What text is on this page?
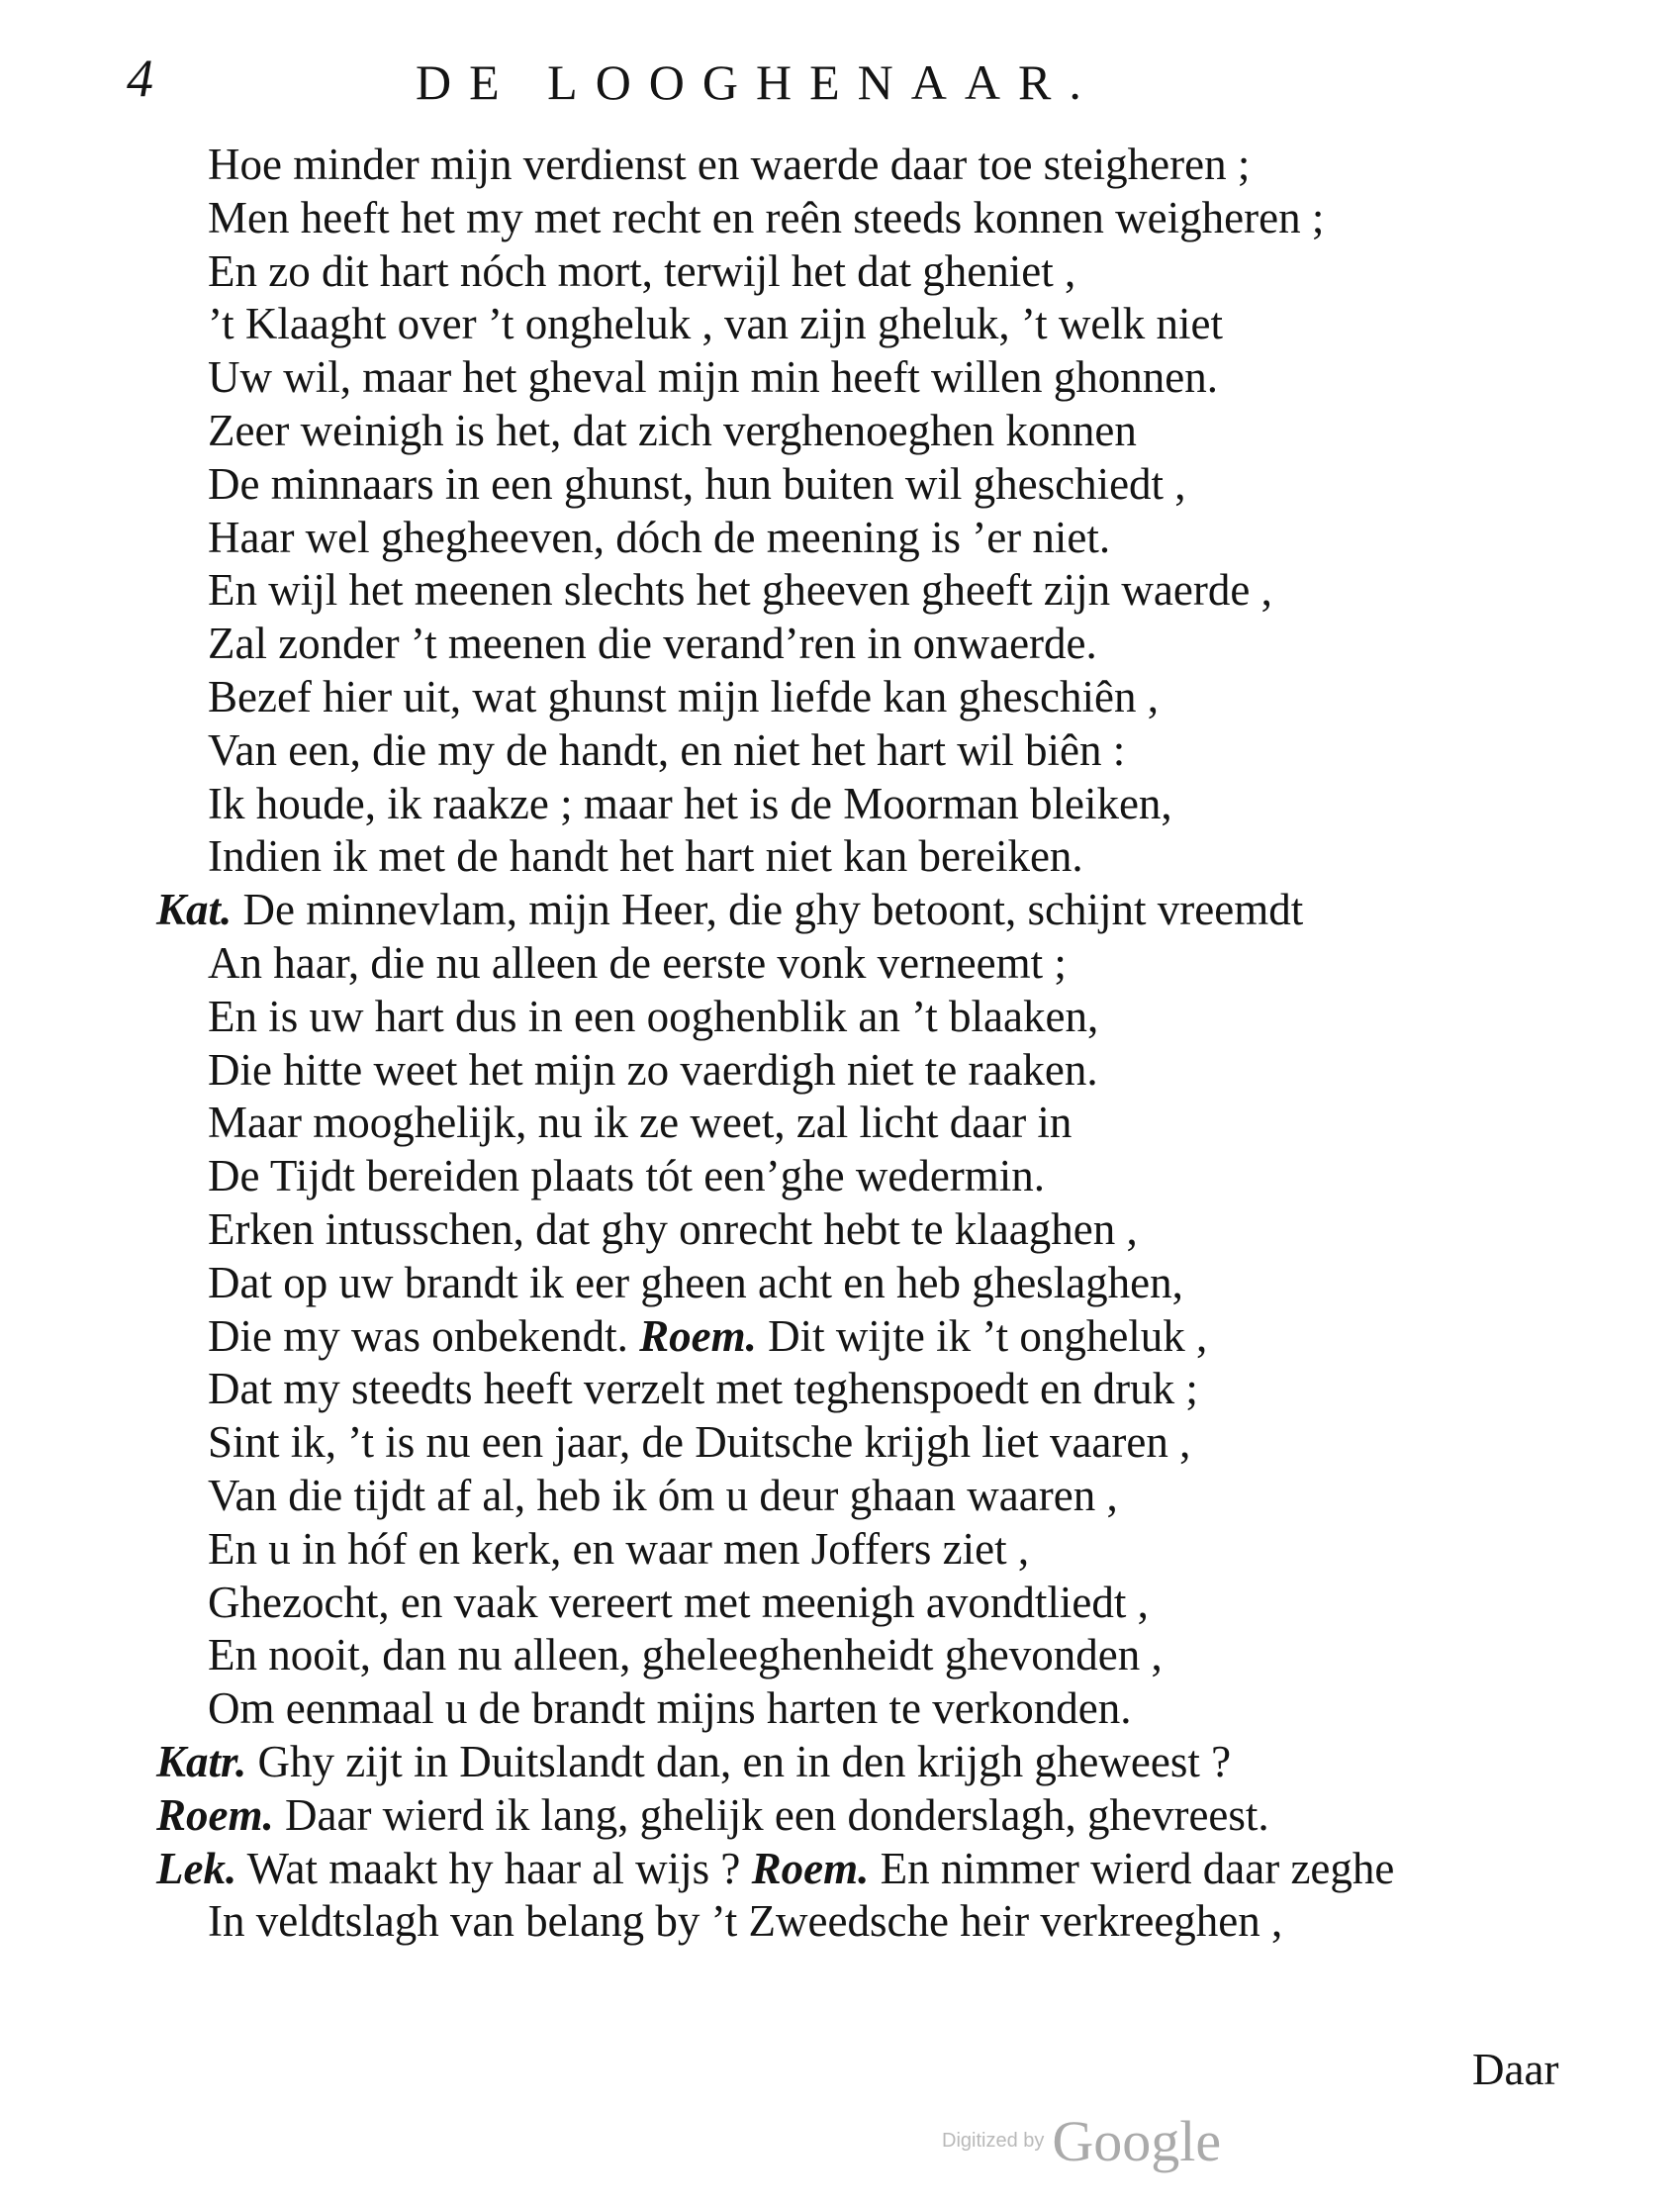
4	DE LOOGHENAAR.
Hoe minder mijn verdienst en waerde daar toe steigheren ;
Men heeft het my met recht en reên steeds konnen weigheren ;
En zo dit hart nóch mort, terwijl het dat gheniet ,
’t Klaaght over ’t ongheluk , van zijn gheluk, ’t welk niet
Uw wil, maar het gheval mijn min heeft willen ghonnen.
Zeer weinigh is het, dat zich verghenoeghen konnen
De minnaars in een ghunst, hun buiten wil gheschiedt ,
Haar wel ghegheeven, dóch de meening is ’er niet.
En wijl het meenen slechts het gheeven gheeft zijn waerde ,
Zal zonder ’t meenen die verand’ren in onwaerde.
Bezef hier uit, wat ghunst mijn liefde kan gheschiên ,
Van een, die my de handt, en niet het hart wil biên :
Ik houde, ik raakze ; maar het is de Moorman bleiken,
Indien ik met de handt het hart niet kan bereiken.
Kat. De minnevlam, mijn Heer, die ghy betoont, schijnt vreemdt
An haar, die nu alleen de eerste vonk verneemt ;
En is uw hart dus in een ooghenblik an ’t blaaken,
Die hitte weet het mijn zo vaerdigh niet te raaken.
Maar mooghelijk, nu ik ze weet, zal licht daar in
De Tijdt bereiden plaats tót een’ghe wedermin.
Erken intusschen, dat ghy onrecht hebt te klaaghen ,
Dat op uw brandt ik eer gheen acht en heb gheslaghen,
Die my was onbekendt. Roem. Dit wijte ik ’t ongheluk ,
Dat my steedts heeft verzelt met teghenspoedt en druk ;
Sint ik, ’t is nu een jaar, de Duitsche krijgh liet vaaren ,
Van die tijdt af al, heb ik óm u deur ghaan waaren ,
En u in hóf en kerk, en waar men Joffers ziet ,
Ghezocht, en vaak vereert met meenigh avondtliedt ,
En nooit, dan nu alleen, gheleeghenheidt ghevonden ,
Om eenmaal u de brandt mijns harten te verkonden.
Katr. Ghy zijt in Duitslandt dan, en in den krijgh gheweest ?
Roem. Daar wierd ik lang, ghelijk een donderslagh, ghevreest.
Lek. Wat maakt hy haar al wijs ? Roem. En nimmer wierd daar zeghe
In veldtslagh van belang by ’t Zweedsche heir verkreeghen ,
Daar
Digitized by Google
